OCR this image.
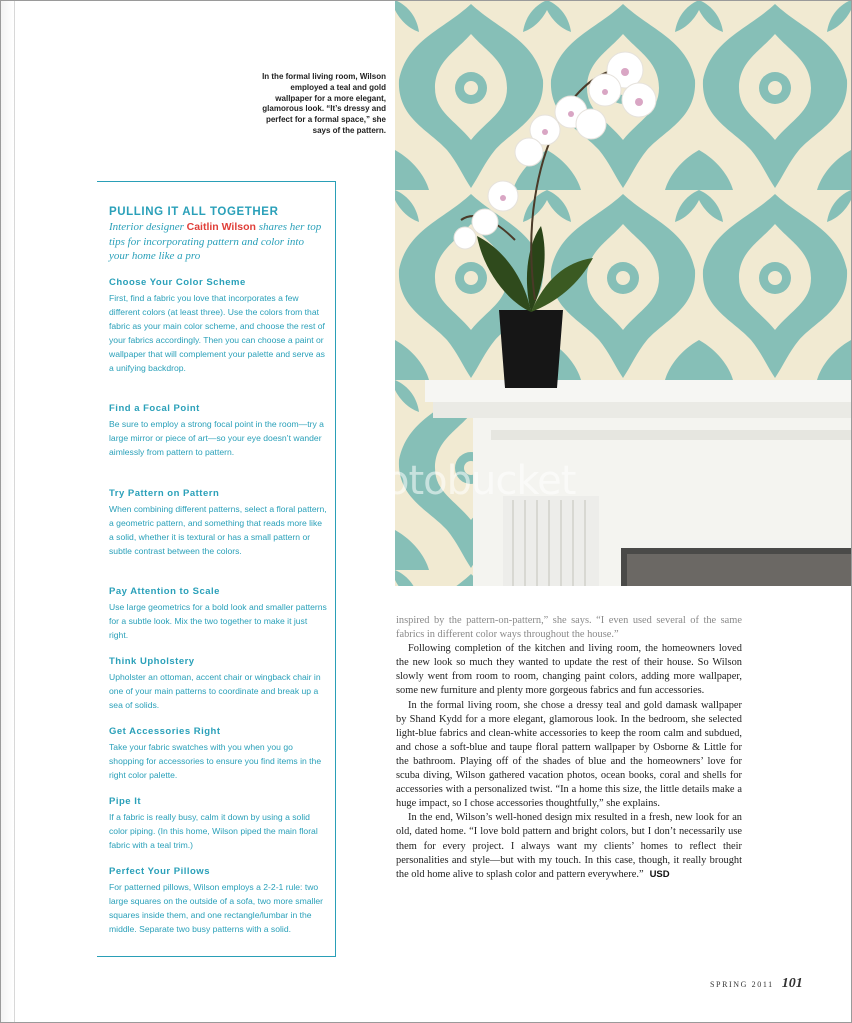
otobucket
In the formal living room, Wilson employed a teal and gold wallpaper for a more elegant, glamorous look. “It’s dressy and perfect for a formal space,” she says of the pattern.
PULLING IT ALL TOGETHER
Interior designer Caitlin Wilson shares her top tips for incorporating pattern and color into your home like a pro

Choose Your Color Scheme

First, find a fabric you love that incorporates a few different colors (at least three). Use the colors from that fabric as your main color scheme, and choose the rest of your fabrics accordingly. Then you can choose a paint or wallpaper that will complement your palette and serve as a unifying backdrop.

Find a Focal Point

Be sure to employ a strong focal point in the room—try a large mirror or piece of art—so your eye doesn’t wander aimlessly from pattern to pattern.

Try Pattern on Pattern

When combining different patterns, select a floral pattern, a geometric pattern, and something that reads more like a solid, whether it is textural or has a small pattern or subtle contrast between the colors.

Pay Attention to Scale

Use large geometrics for a bold look and smaller patterns for a subtle look. Mix the two together to make it just right.

Think Upholstery

Upholster an ottoman, accent chair or wingback chair in one of your main patterns to coordinate and break up a sea of solids.

Get Accessories Right

Take your fabric swatches with you when you go shopping for accessories to ensure you find items in the right color palette.

Pipe It

If a fabric is really busy, calm it down by using a solid color piping. (In this home, Wilson piped the main floral fabric with a teal trim.)

Perfect Your Pillows

For patterned pillows, Wilson employs a 2-2-1 rule: two large squares on the outside of a sofa, two more smaller squares inside them, and one rectangle/lumbar in the middle. Separate two busy patterns with a solid.

inspired by the pattern-on-pattern,” she says. “I even used several of the same fabrics in different color ways throughout the house.”

Following completion of the kitchen and living room, the homeowners loved the new look so much they wanted to update the rest of their house. So Wilson slowly went from room to room, changing paint colors, adding more wallpaper, some new furniture and plenty more gorgeous fabrics and fun accessories.

In the formal living room, she chose a dressy teal and gold damask wallpaper by Shand Kydd for a more elegant, glamorous look. In the bedroom, she selected light-blue fabrics and clean-white accessories to keep the room calm and subdued, and chose a soft-blue and taupe floral pattern wallpaper by Osborne & Little for the bathroom. Playing off of the shades of blue and the homeowners’ love for scuba diving, Wilson gathered vacation photos, ocean books, coral and shells for accessories with a personalized twist. “In a home this size, the little details make a huge impact, so I chose accessories thoughtfully,” she explains.

In the end, Wilson’s well-honed design mix resulted in a fresh, new look for an old, dated home. “I love bold pattern and bright colors, but I don’t necessarily use them for every project. I always want my clients’ homes to reflect their personalities and style—but with my touch. In this case, though, it really brought the old home alive to splash color and pattern everywhere.” USD

SPRING 2011 101
